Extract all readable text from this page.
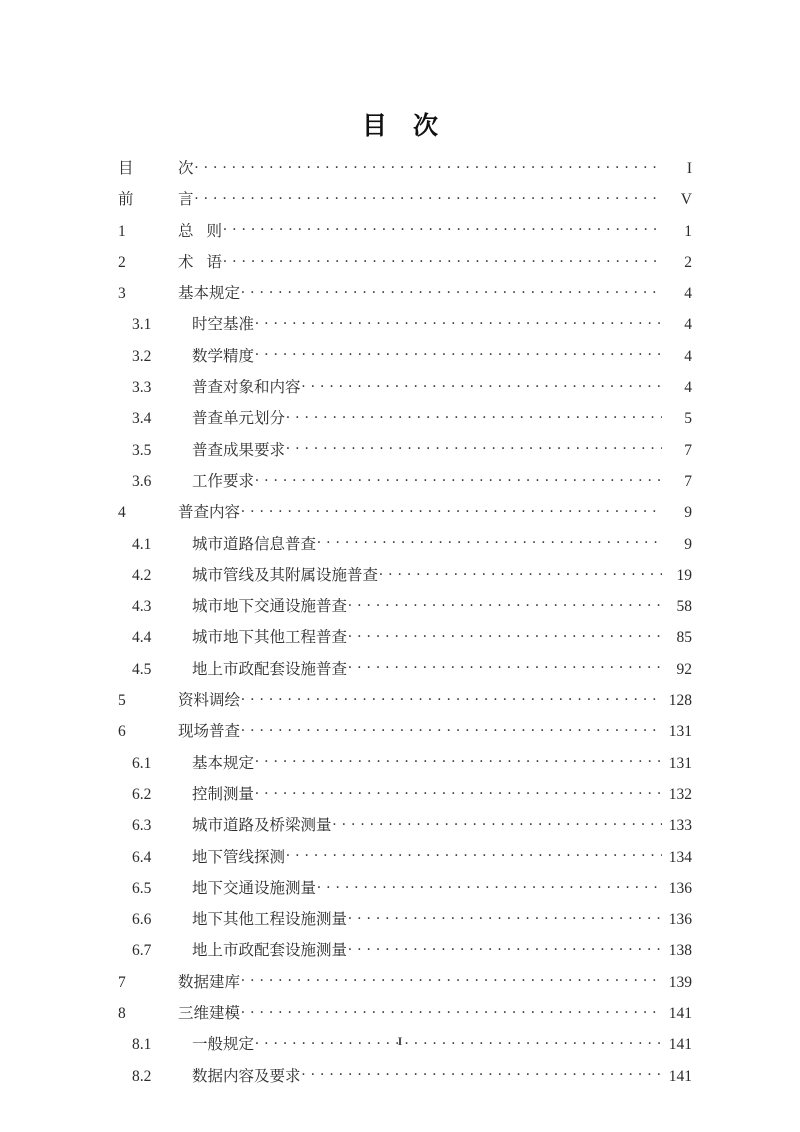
目 次
目	次 . . .	I
前	言 . . .	V
1	总 则 . . .	1
2	术 语 . . .	2
3	基本规定 . . .	4
3.1	时空基准 . . .	4
3.2	数学精度 . . .	4
3.3	普查对象和内容 . . .	4
3.4	普查单元划分 . . .	5
3.5	普查成果要求 . . .	7
3.6	工作要求 . . .	7
4	普查内容 . . .	9
4.1	城市道路信息普查 . . .	9
4.2	城市管线及其附属设施普查 . . .	19
4.3	城市地下交通设施普查 . . .	58
4.4	城市地下其他工程普查 . . .	85
4.5	地上市政配套设施普查 . . .	92
5	资料调绘 . . .	128
6	现场普查 . . .	131
6.1	基本规定 . . .	131
6.2	控制测量 . . .	132
6.3	城市道路及桥梁测量 . . .	133
6.4	地下管线探测 . . .	134
6.5	地下交通设施测量 . . .	136
6.6	地下其他工程设施测量 . . .	136
6.7	地上市政配套设施测量 . . .	138
7	数据建库 . . .	139
8	三维建模 . . .	141
8.1	一般规定 . . .	141
8.2	数据内容及要求 . . .	141
I
